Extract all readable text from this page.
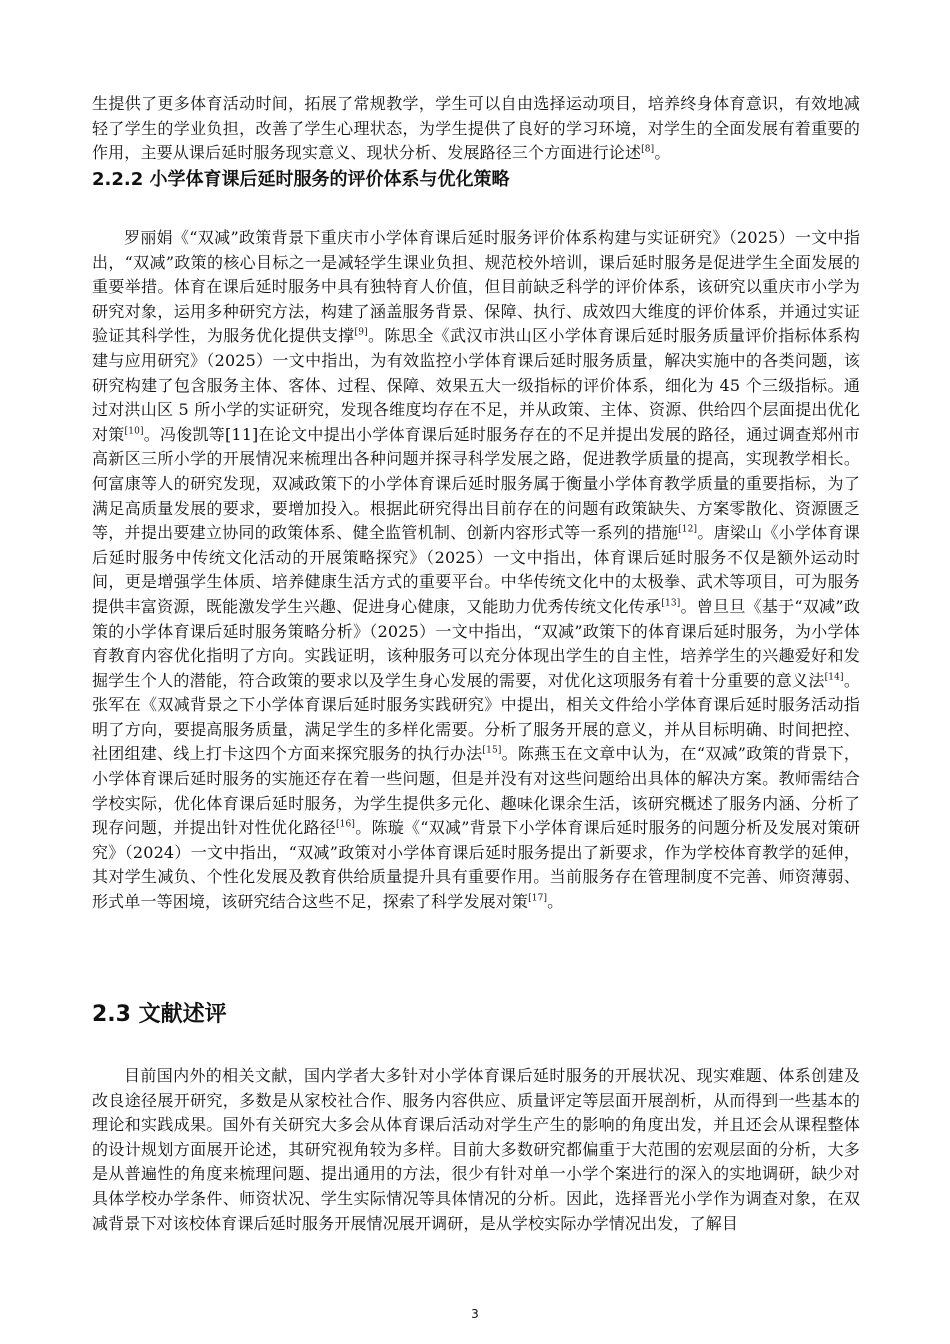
生提供了更多体育活动时间，拓展了常规教学，学生可以自由选择运动项目，培养终身体育意识，有效地减轻了学生的学业负担，改善了学生心理状态，为学生提供了良好的学习环境，对学生的全面发展有着重要的作用，主要从课后延时服务现实意义、现状分析、发展路径三个方面进行论述[8]。

2.2.2 小学体育课后延时服务的评价体系与优化策略

罗丽娟《“双减”政策背景下重庆市小学体育课后延时服务评价体系构建与实证研究》（2025）一文中指出，“双减”政策的核心目标之一是减轻学生课业负担、规范校外培训，课后延时服务是促进学生全面发展的重要举措。体育在课后延时服务中具有独特育人价值，但目前缺乏科学的评价体系，该研究以重庆市小学为研究对象，运用多种研究方法，构建了涵盖服务背景、保障、执行、成效四大维度的评价体系，并通过实证验证其科学性，为服务优化提供支撑[9]。陈思全《武汉市洪山区小学体育课后延时服务质量评价指标体系构建与应用研究》（2025）一文中指出，为有效监控小学体育课后延时服务质量，解决实施中的各类问题，该研究构建了包含服务主体、客体、过程、保障、效果五大一级指标的评价体系，细化为 45 个三级指标。通过对洪山区 5 所小学的实证研究，发现各维度均存在不足，并从政策、主体、资源、供给四个层面提出优化对策[10]。冯俊凯等[11]在论文中提出小学体育课后延时服务存在的不足并提出发展的路径，通过调查郑州市高新区三所小学的开展情况来梳理出各种问题并探寻科学发展之路，促进教学质量的提高，实现教学相长。何富康等人的研究发现，双减政策下的小学体育课后延时服务属于衡量小学体育教学质量的重要指标，为了满足高质量发展的要求，要增加投入。根据此研究得出目前存在的问题有政策缺失、方案零散化、资源匮乏等，并提出要建立协同的政策体系、健全监管机制、创新内容形式等一系列的措施[12]。唐梁山《小学体育课后延时服务中传统文化活动的开展策略探究》（2025）一文中指出，体育课后延时服务不仅是额外运动时间，更是增强学生体质、培养健康生活方式的重要平台。中华传统文化中的太极拳、武术等项目，可为服务提供丰富资源，既能激发学生兴趣、促进身心健康，又能助力优秀传统文化传承[13]。曾旦旦《基于“双减”政策的小学体育课后延时服务策略分析》（2025）一文中指出，“双减”政策下的体育课后延时服务，为小学体育教育内容优化指明了方向。实践证明，该种服务可以充分体现出学生的自主性，培养学生的兴趣爱好和发掘学生个人的潜能，符合政策的要求以及学生身心发展的需要，对优化这项服务有着十分重要的意义法[14]。张军在《双减背景之下小学体育课后延时服务实践研究》中提出，相关文件给小学体育课后延时服务活动指明了方向，要提高服务质量，满足学生的多样化需要。分析了服务开展的意义，并从目标明确、时间把控、社团组建、线上打卡这四个方面来探究服务的执行办法[15]。陈燕玉在文章中认为，在“双减”政策的背景下，小学体育课后延时服务的实施还存在着一些问题，但是并没有对这些问题给出具体的解决方案。教师需结合学校实际，优化体育课后延时服务，为学生提供多元化、趣味化课余生活，该研究概述了服务内涵、分析了现存问题，并提出针对性优化路径[16]。陈璇《“双减”背景下小学体育课后延时服务的问题分析及发展对策研究》（2024）一文中指出，“双减”政策对小学体育课后延时服务提出了新要求，作为学校体育教学的延伸，其对学生减负、个性化发展及教育供给质量提升具有重要作用。当前服务存在管理制度不完善、师资薄弱、形式单一等困境，该研究结合这些不足，探索了科学发展对策[17]。

2.3 文献述评

目前国内外的相关文献，国内学者大多针对小学体育课后延时服务的开展状况、现实难题、体系创建及改良途径展开研究，多数是从家校社合作、服务内容供应、质量评定等层面开展剖析，从而得到一些基本的理论和实践成果。国外有关研究大多会从体育课后活动对学生产生的影响的角度出发，并且还会从课程整体的设计规划方面展开论述，其研究视角较为多样。目前大多数研究都偏重于大范围的宏观层面的分析，大多是从普遍性的角度来梳理问题、提出通用的方法，很少有针对单一小学个案进行的深入的实地调研，缺少对具体学校办学条件、师资状况、学生实际情况等具体情况的分析。因此，选择晋光小学作为调查对象，在双减背景下对该校体育课后延时服务开展情况展开调研，是从学校实际办学情况出发，了解目

3
